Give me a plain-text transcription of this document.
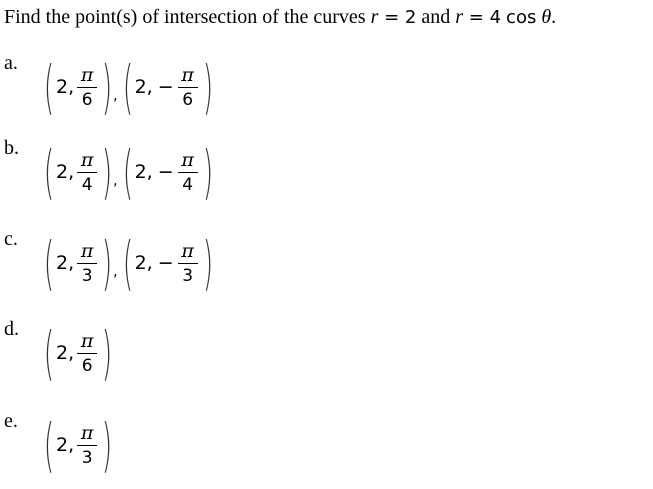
Find the point(s) of intersection of the curves r = 2 and r = 4 cos θ.
a. ( 2, $\frac{\pi}{6}$ ) , ( 2, − $\frac{\pi}{6}$ )
b. ( 2, $\frac{\pi}{4}$ ) , ( 2, − $\frac{\pi}{4}$ )
c. ( 2, $\frac{\pi}{3}$ ) , ( 2, − $\frac{\pi}{3}$ )
d. ( 2, $\frac{\pi}{6}$ )
e. ( 2, $\frac{\pi}{3}$ )
